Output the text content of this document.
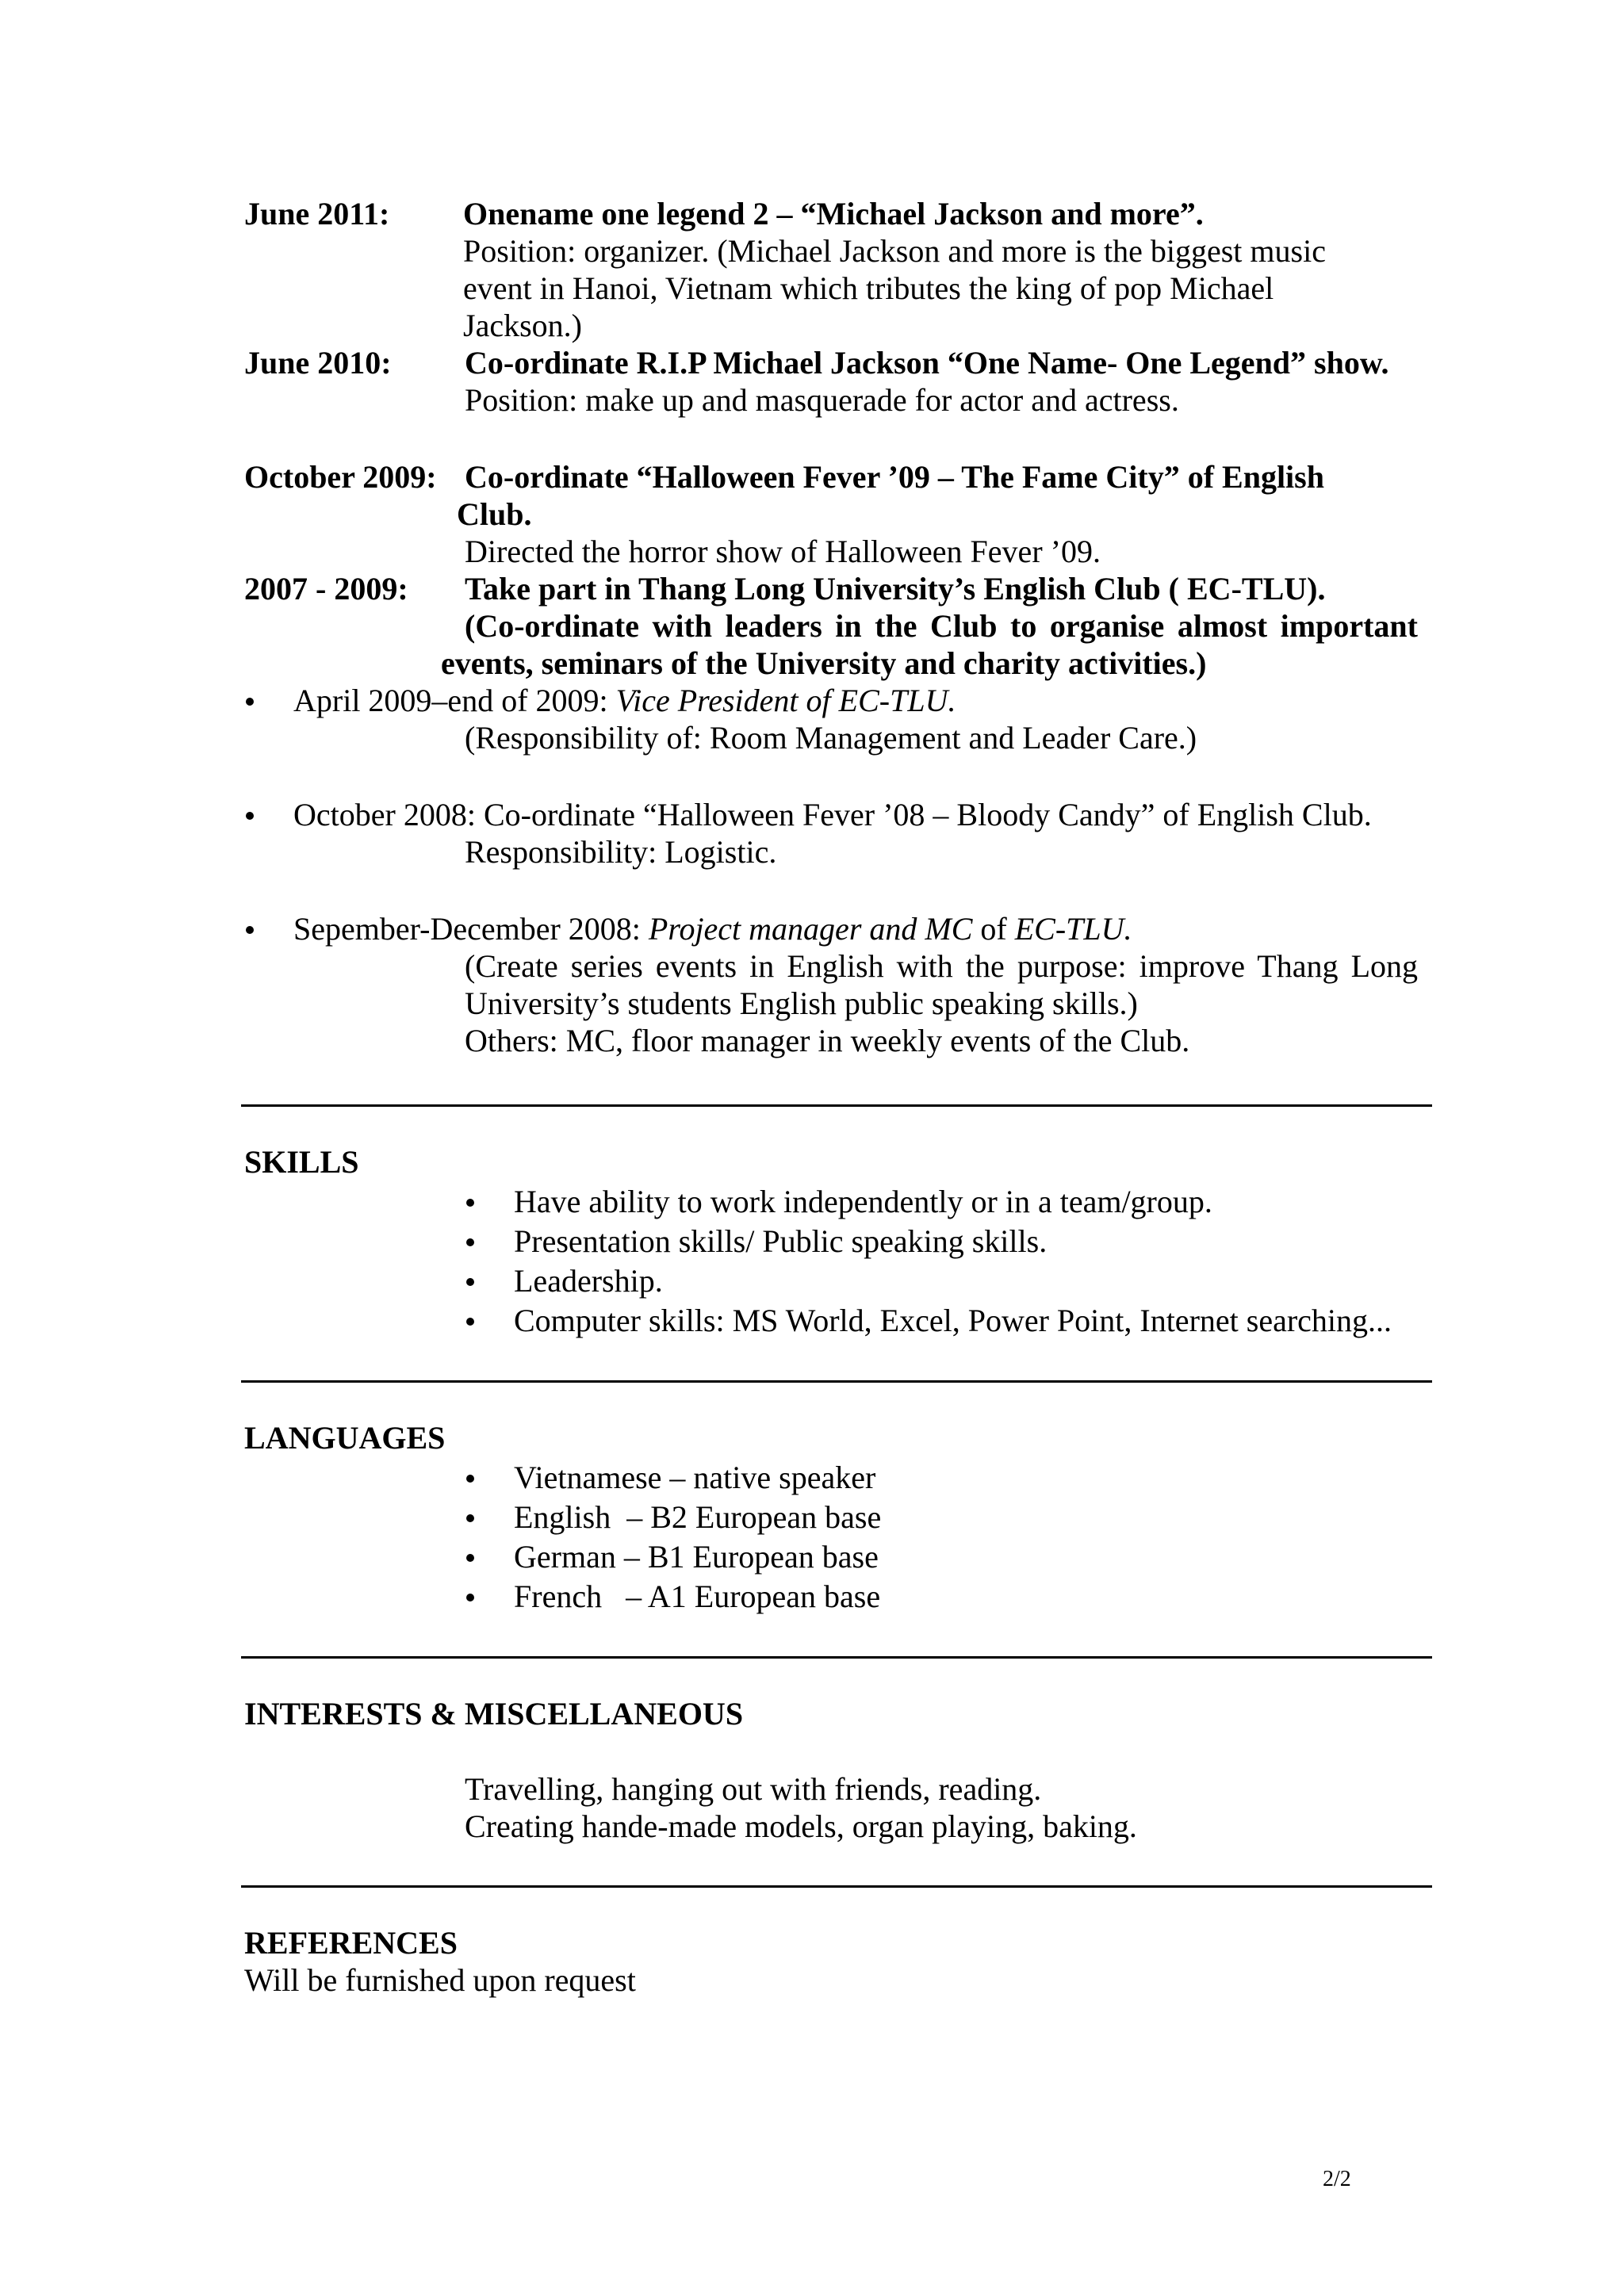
June 2011: Onename one legend 2 – “Michael Jackson and more”.
Position: organizer. (Michael Jackson and more is the biggest music
event in Hanoi, Vietnam which tributes the king of pop Michael
Jackson.)
June 2010: Co-ordinate R.I.P Michael Jackson “One Name- One Legend” show.
Position: make up and masquerade for actor and actress.
October 2009: Co-ordinate “Halloween Fever ’09 – The Fame City” of English
Club.
Directed the horror show of Halloween Fever ’09.
2007 - 2009: Take part in Thang Long University’s English Club ( EC-TLU).
(Co-ordinate with leaders in the Club to organise almost important
events, seminars of the University and charity activities.)
April 2009–end of 2009: Vice President of EC-TLU.
(Responsibility of: Room Management and Leader Care.)
October 2008: Co-ordinate “Halloween Fever ’08 – Bloody Candy” of English Club.
Responsibility: Logistic.
Sepember-December 2008: Project manager and MC of EC-TLU.
(Create series events in English with the purpose: improve Thang Long
University’s students English public speaking skills.)
Others: MC, floor manager in weekly events of the Club.
SKILLS
Have ability to work independently or in a team/group.
Presentation skills/ Public speaking skills.
Leadership.
Computer skills: MS World, Excel, Power Point, Internet searching...
LANGUAGES
Vietnamese – native speaker
English  – B2 European base
German – B1 European base
French   – A1 European base
INTERESTS & MISCELLANEOUS
Travelling, hanging out with friends, reading.
Creating hande-made models, organ playing, baking.
REFERENCES
Will be furnished upon request
2/2
